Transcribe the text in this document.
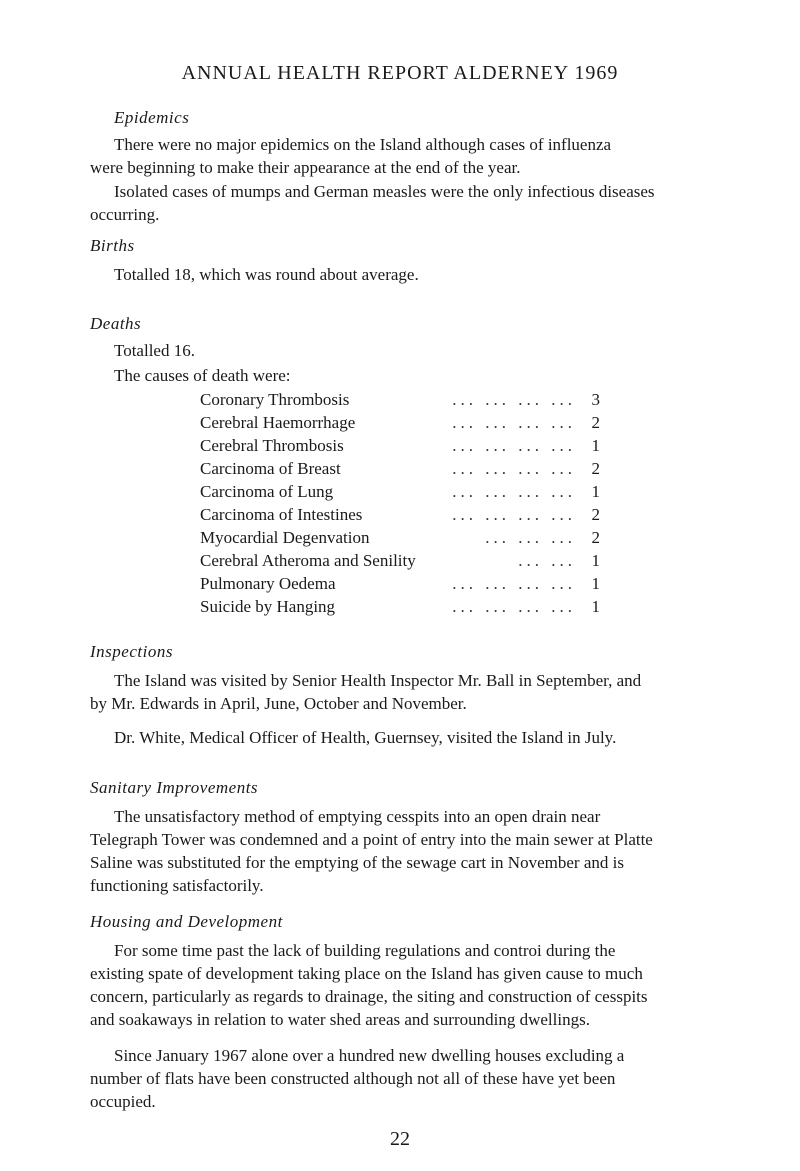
ANNUAL HEALTH REPORT ALDERNEY 1969
Epidemics
There were no major epidemics on the Island although cases of influenza
were beginning to make their appearance at the end of the year.
Isolated cases of mumps and German measles were the only infectious diseases
occurring.
Births
Totalled 18, which was round about average.
Deaths
Totalled 16.
The causes of death were:
Coronary Thrombosis	... ... ... ... 3
Cerebral Haemorrhage	... ... ... ... 2
Cerebral Thrombosis	... ... ... ... 1
Carcinoma of Breast	... ... ... ... 2
Carcinoma of Lung	... ... ... ... 1
Carcinoma of Intestines	... ... ... ... 2
Myocardial Degenvation	... ... ... 2
Cerebral Atheroma and Senility	... ... 1
Pulmonary Oedema	... ... ... ... 1
Suicide by Hanging	... ... ... ... 1
Inspections
The Island was visited by Senior Health Inspector Mr. Ball in September, and
by Mr. Edwards in April, June, October and November.
Dr. White, Medical Officer of Health, Guernsey, visited the Island in July.
Sanitary Improvements
The unsatisfactory method of emptying cesspits into an open drain near
Telegraph Tower was condemned and a point of entry into the main sewer at Platte
Saline was substituted for the emptying of the sewage cart in November and is
functioning satisfactorily.
Housing and Development
For some time past the lack of building regulations and controi during the
existing spate of development taking place on the Island has given cause to much
concern, particularly as regards to drainage, the siting and construction of cesspits
and soakaways in relation to water shed areas and surrounding dwellings.
Since January 1967 alone over a hundred new dwelling houses excluding a
number of flats have been constructed although not all of these have yet been
occupied.
22
